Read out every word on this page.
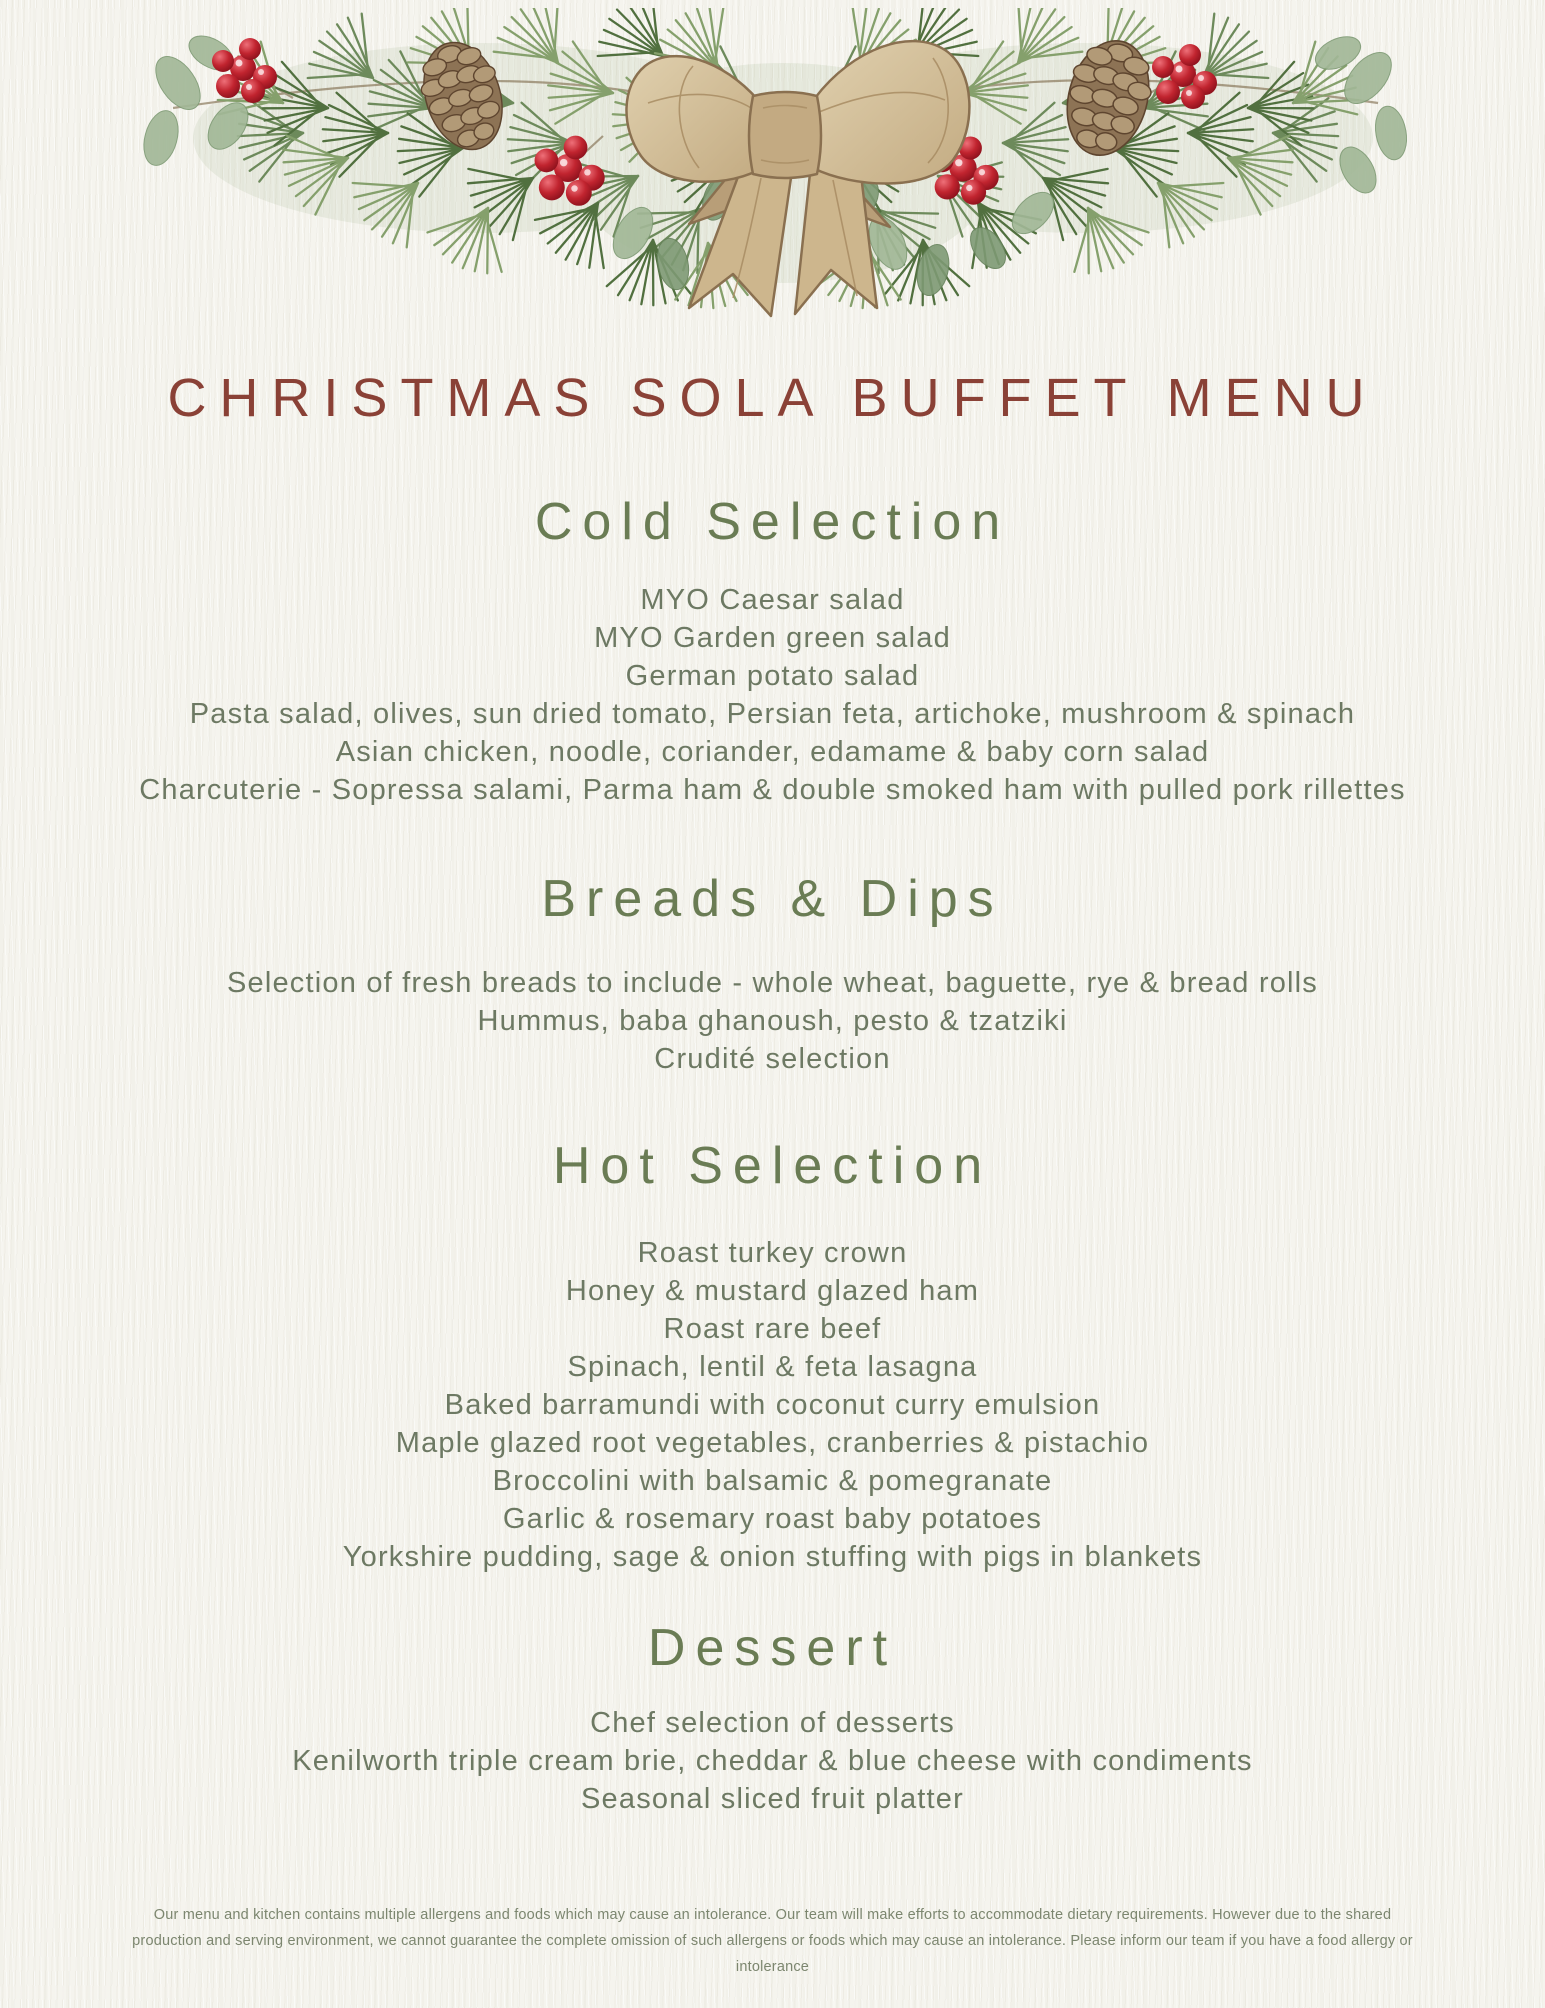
CHRISTMAS SOLA BUFFET MENU
Cold Selection

MYO Caesar salad

MYO Garden green salad

German potato salad

Pasta salad, olives, sun dried tomato, Persian feta, artichoke, mushroom & spinach

Asian chicken, noodle, coriander, edamame & baby corn salad

Charcuterie - Sopressa salami, Parma ham & double smoked ham with pulled pork rillettes

Breads & Dips

Selection of fresh breads to include - whole wheat, baguette, rye & bread rolls

Hummus, baba ghanoush, pesto & tzatziki

Crudité selection

Hot Selection

Roast turkey crown

Honey & mustard glazed ham

Roast rare beef

Spinach, lentil & feta lasagna

Baked barramundi with coconut curry emulsion

Maple glazed root vegetables, cranberries & pistachio

Broccolini with balsamic & pomegranate

Garlic & rosemary roast baby potatoes

Yorkshire pudding, sage & onion stuffing with pigs in blankets

Dessert

Chef selection of desserts

Kenilworth triple cream brie, cheddar & blue cheese with condiments

Seasonal sliced fruit platter

Our menu and kitchen contains multiple allergens and foods which may cause an intolerance. Our team will make efforts to accommodate dietary requirements. However due to the shared production and serving environment, we cannot guarantee the complete omission of such allergens or foods which may cause an intolerance. Please inform our team if you have a food allergy or intolerance
